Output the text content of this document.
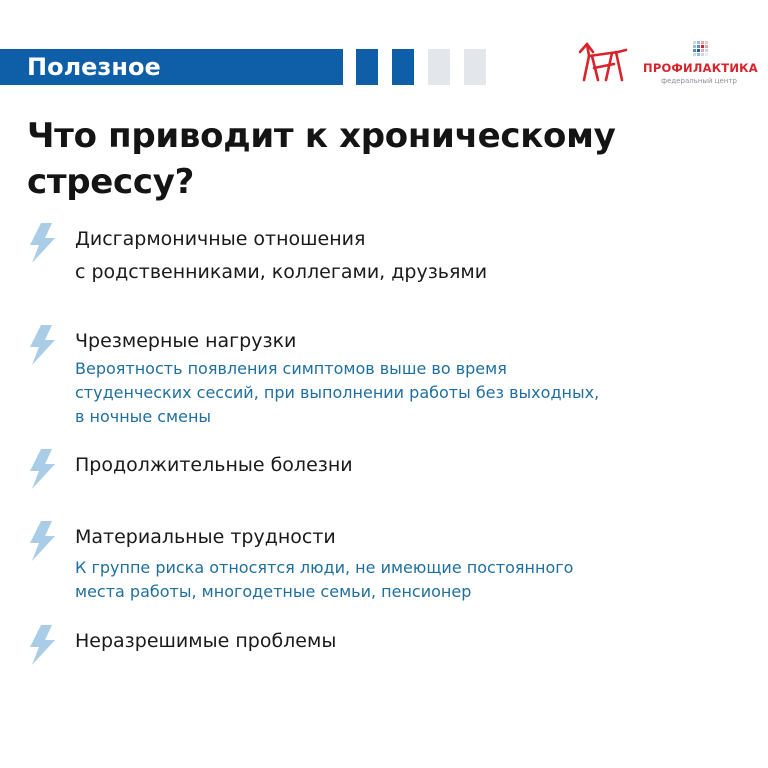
Полезное	ПРОФИЛАКТИКА
федеральный центр
Что приводит к хроническому
стрессу?
Дисгармоничные отношения
с родственниками, коллегами, друзьями
Чрезмерные нагрузки
Вероятность появления симптомов выше во время
студенческих сессий, при выполнении работы без выходных,
в ночные смены
Продолжительные болезни
Материальные трудности
К группе риска относятся люди, не имеющие постоянного
места работы, многодетные семьи, пенсионер
Неразрешимые проблемы
